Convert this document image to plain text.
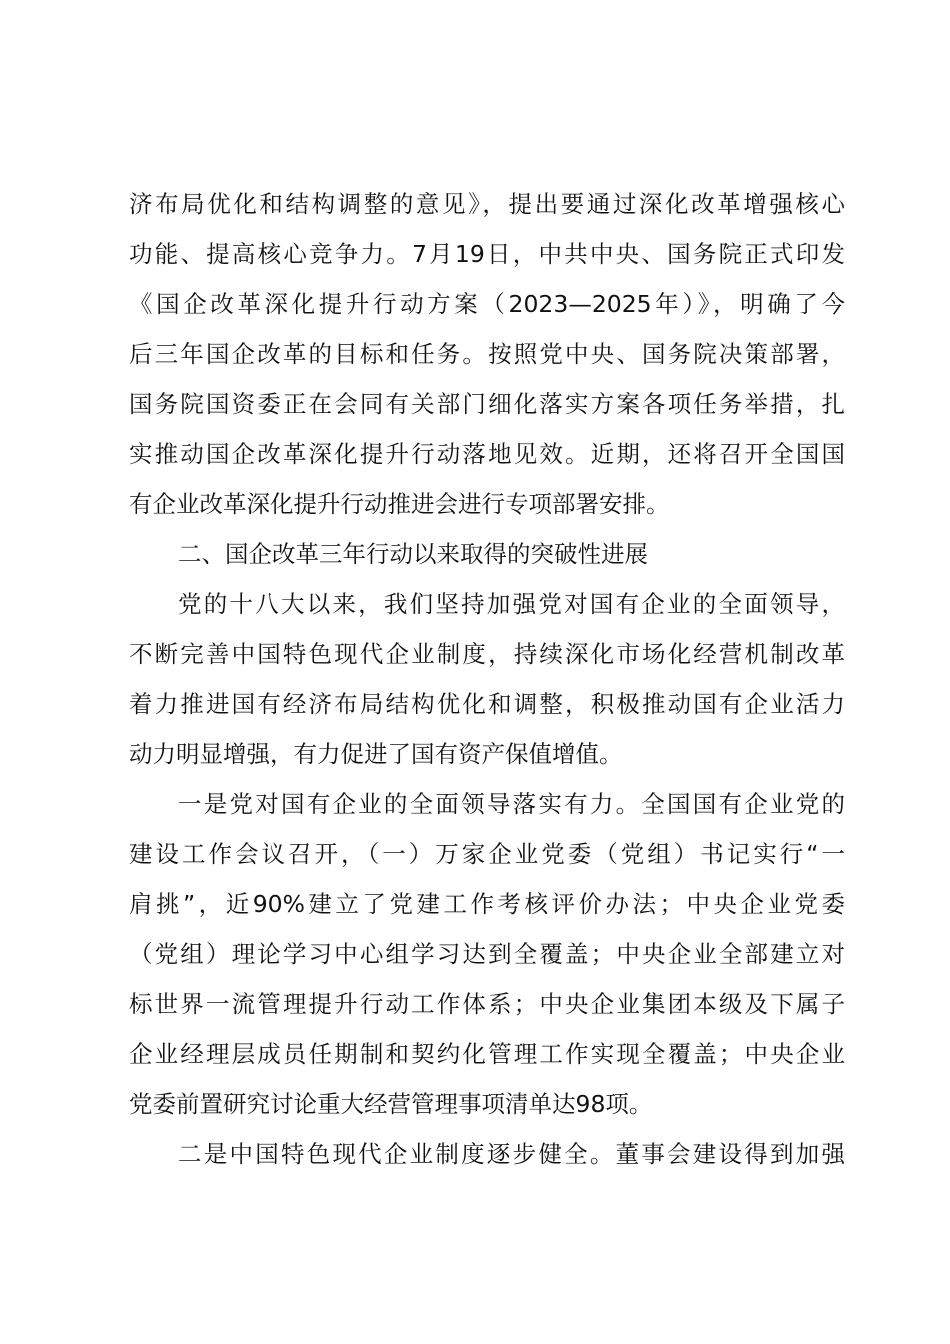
济布局优化和结构调整的意见》，提出要通过深化改革增强核心
功能、提高核心竞争力。7月19日，中共中央、国务院正式印发
《国企改革深化提升行动方案（2023—2025年）》，明确了今
后三年国企改革的目标和任务。按照党中央、国务院决策部署，
国务院国资委正在会同有关部门细化落实方案各项任务举措，扎
实推动国企改革深化提升行动落地见效。近期，还将召开全国国
有企业改革深化提升行动推进会进行专项部署安排。
二、国企改革三年行动以来取得的突破性进展
党的十八大以来，我们坚持加强党对国有企业的全面领导，
不断完善中国特色现代企业制度，持续深化市场化经营机制改革
着力推进国有经济布局结构优化和调整，积极推动国有企业活力
动力明显增强，有力促进了国有资产保值增值。
一是党对国有企业的全面领导落实有力。全国国有企业党的
建设工作会议召开，（一）万家企业党委（党组）书记实行“一
肩挑”，近90%建立了党建工作考核评价办法；中央企业党委
（党组）理论学习中心组学习达到全覆盖；中央企业全部建立对
标世界一流管理提升行动工作体系；中央企业集团本级及下属子
企业经理层成员任期制和契约化管理工作实现全覆盖；中央企业
党委前置研究讨论重大经营管理事项清单达98项。
二是中国特色现代企业制度逐步健全。董事会建设得到加强
